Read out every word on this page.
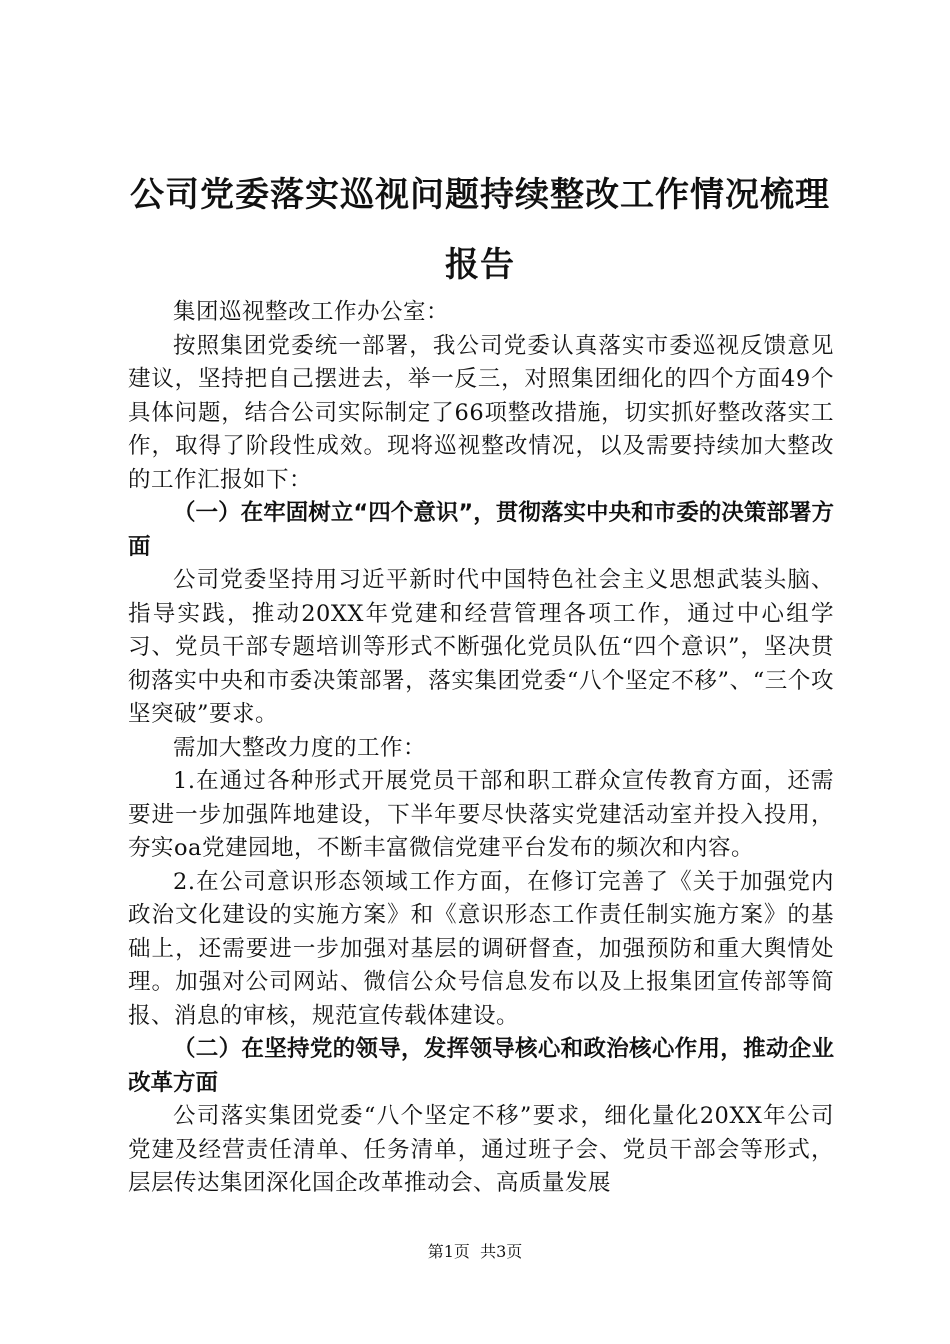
公司党委落实巡视问题持续整改工作情况梳理报告

集团巡视整改工作办公室：

按照集团党委统一部署，我公司党委认真落实市委巡视反馈意见建议，坚持把自己摆进去，举一反三，对照集团细化的四个方面49个具体问题，结合公司实际制定了66项整改措施，切实抓好整改落实工作，取得了阶段性成效。现将巡视整改情况，以及需要持续加大整改的工作汇报如下：

（一）在牢固树立“四个意识”，贯彻落实中央和市委的决策部署方面

公司党委坚持用习近平新时代中国特色社会主义思想武装头脑、指导实践，推动20XX年党建和经营管理各项工作，通过中心组学习、党员干部专题培训等形式不断强化党员队伍“四个意识”，坚决贯彻落实中央和市委决策部署，落实集团党委“八个坚定不移”、“三个攻坚突破”要求。

需加大整改力度的工作：

1.在通过各种形式开展党员干部和职工群众宣传教育方面，还需要进一步加强阵地建设，下半年要尽快落实党建活动室并投入投用，夯实oa党建园地，不断丰富微信党建平台发布的频次和内容。

2.在公司意识形态领域工作方面，在修订完善了《关于加强党内政治文化建设的实施方案》和《意识形态工作责任制实施方案》的基础上，还需要进一步加强对基层的调研督查，加强预防和重大舆情处理。加强对公司网站、微信公众号信息发布以及上报集团宣传部等简报、消息的审核，规范宣传载体建设。

（二）在坚持党的领导，发挥领导核心和政治核心作用，推动企业改革方面

公司落实集团党委“八个坚定不移”要求，细化量化20XX年公司党建及经营责任清单、任务清单，通过班子会、党员干部会等形式，层层传达集团深化国企改革推动会、高质量发展

第1页 共3页
